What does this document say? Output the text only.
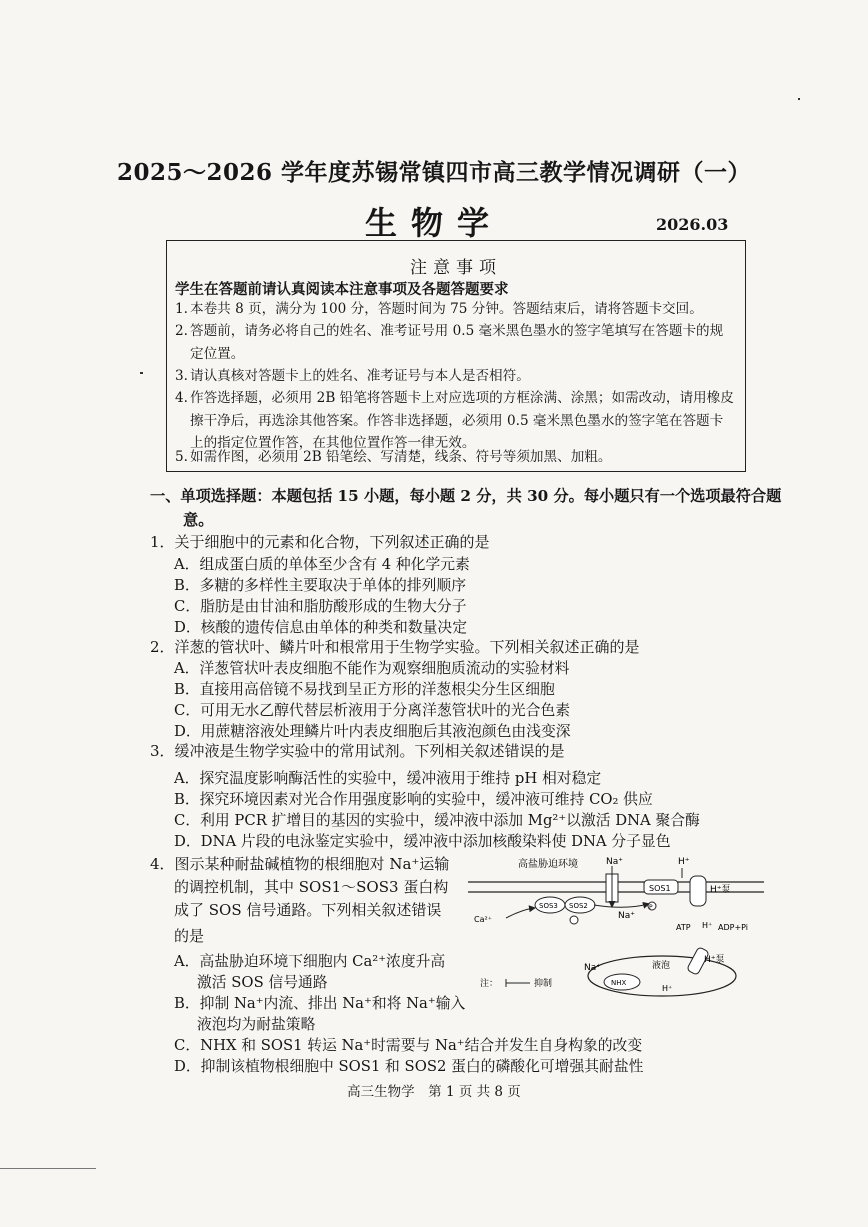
2025～2026 学年度苏锡常镇四市高三教学情况调研（一）
生物学	2026.03
注意事项
学生在答题前请认真阅读本注意事项及各题答题要求
1. 本卷共 8 页，满分为 100 分，答题时间为 75 分钟。答题结束后，请将答题卡交回。
2. 答题前，请务必将自己的姓名、准考证号用 0.5 毫米黑色墨水的签字笔填写在答题卡的规定位置。
3. 请认真核对答题卡上的姓名、准考证号与本人是否相符。
4. 作答选择题，必须用 2B 铅笔将答题卡上对应选项的方框涂满、涂黑；如需改动，请用橡皮擦干净后，再选涂其他答案。作答非选择题，必须用 0.5 毫米黑色墨水的签字笔在答题卡上的指定位置作答，在其他位置作答一律无效。
5. 如需作图，必须用 2B 铅笔绘、写清楚，线条、符号等须加黑、加粗。
一、单项选择题：本题包括 15 小题，每小题 2 分，共 30 分。每小题只有一个选项最符合题意。
1．关于细胞中的元素和化合物，下列叙述正确的是
A．组成蛋白质的单体至少含有 4 种化学元素
B．多糖的多样性主要取决于单体的排列顺序
C．脂肪是由甘油和脂肪酸形成的生物大分子
D．核酸的遗传信息由单体的种类和数量决定
2．洋葱的管状叶、鳞片叶和根常用于生物学实验。下列相关叙述正确的是
A．洋葱管状叶表皮细胞不能作为观察细胞质流动的实验材料
B．直接用高倍镜不易找到呈正方形的洋葱根尖分生区细胞
C．可用无水乙醇代替层析液用于分离洋葱管状叶的光合色素
D．用蔗糖溶液处理鳞片叶内表皮细胞后其液泡颜色由浅变深
3．缓冲液是生物学实验中的常用试剂。下列相关叙述错误的是
A．探究温度影响酶活性的实验中，缓冲液用于维持 pH 相对稳定
B．探究环境因素对光合作用强度影响的实验中，缓冲液可维持 CO₂ 供应
C．利用 PCR 扩增目的基因的实验中，缓冲液中添加 Mg²⁺以激活 DNA 聚合酶
D．DNA 片段的电泳鉴定实验中，缓冲液中添加核酸染料使 DNA 分子显色
4．图示某种耐盐碱植物的根细胞对 Na⁺运输
的调控机制，其中 SOS1～SOS3 蛋白构
成了 SOS 信号通路。下列相关叙述错误
的是
A．高盐胁迫环境下细胞内 Ca²⁺浓度升高
激活 SOS 信号通路
B．抑制 Na⁺内流、排出 Na⁺和将 Na⁺输入
液泡均为耐盐策略
C．NHX 和 SOS1 转运 Na⁺时需要与 Na⁺结合并发生自身构象的改变
D．抑制该植物根细胞中 SOS1 和 SOS2 蛋白的磷酸化可增强其耐盐性
高盐胁迫环境	Na⁺	H⁺
SOS1
Na⁺
P
SOS3 SOS2
Ca²⁺
H⁺泵
ATP H⁺ ADP+Pi
液泡
H⁺泵
Na⁺
NHX
H⁺
注：	抑制
高三生物学　第 1 页 共 8 页
